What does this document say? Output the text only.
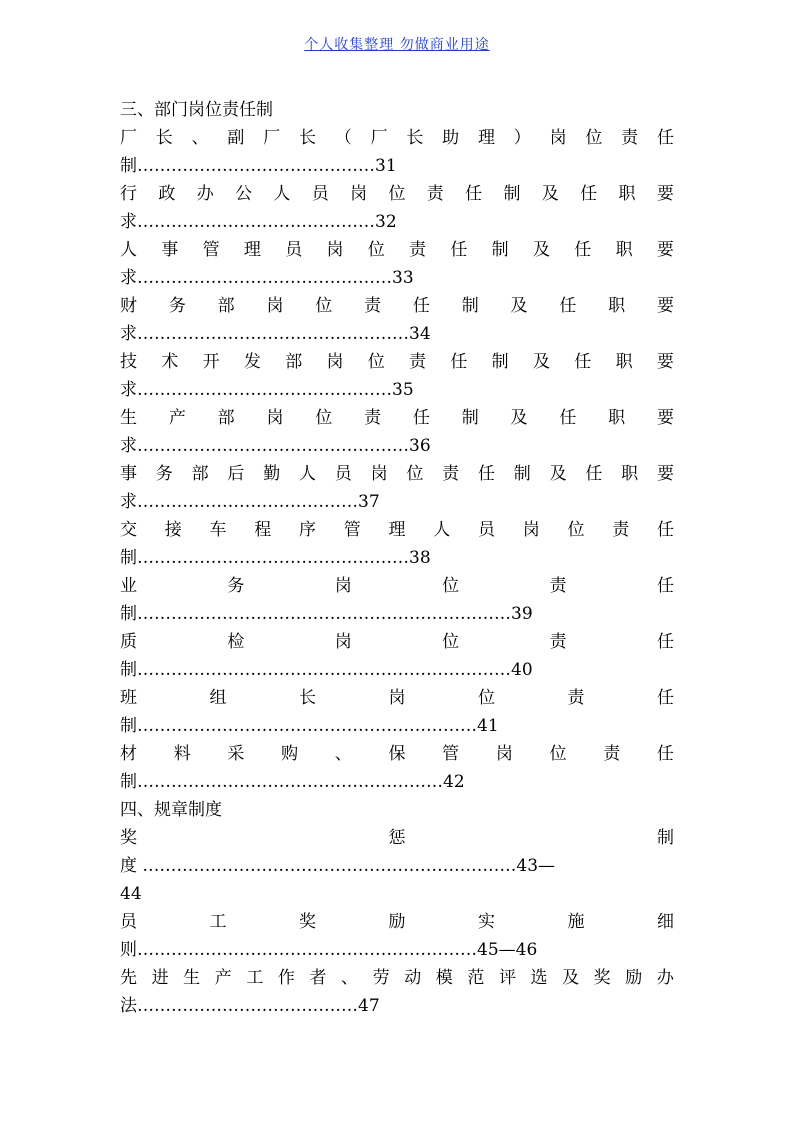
个人收集整理 勿做商业用途
三、部门岗位责任制
厂 长 、 副 厂 长 （ 厂 长 助 理 ） 岗 位 责 任
制……………………………………31
行 政 办 公 人 员 岗 位 责 任 制 及 任 职 要
求……………………………………32
人 事 管 理 员 岗 位 责 任 制 及 任 职 要
求………………………………………33
财 务 部 岗 位 责 任 制 及 任 职 要
求…………………………………………34
技 术 开 发 部 岗 位 责 任 制 及 任 职 要
求………………………………………35
生 产 部 岗 位 责 任 制 及 任 职 要
求…………………………………………36
事 务 部 后 勤 人 员 岗 位 责 任 制 及 任 职 要
求…………………………………37
交 接 车 程 序 管 理 人 员 岗 位 责 任
制…………………………………………38
业	务	岗	位	责	任
制…………………………………………………………39
质	检	岗	位	责	任
制…………………………………………………………40
班	组	长	岗	位	责	任
制……………………………………………………41
材 料 采 购 、 保 管 岗 位 责 任
制………………………………………………42
四、规章制度
奖	惩	制
度 …………………………………………………………43—
44
员	工	奖	励	实	施	细
则……………………………………………………45—46
先 进 生 产 工 作 者 、 劳 动 模 范 评 选 及 奖 励 办
法…………………………………47
